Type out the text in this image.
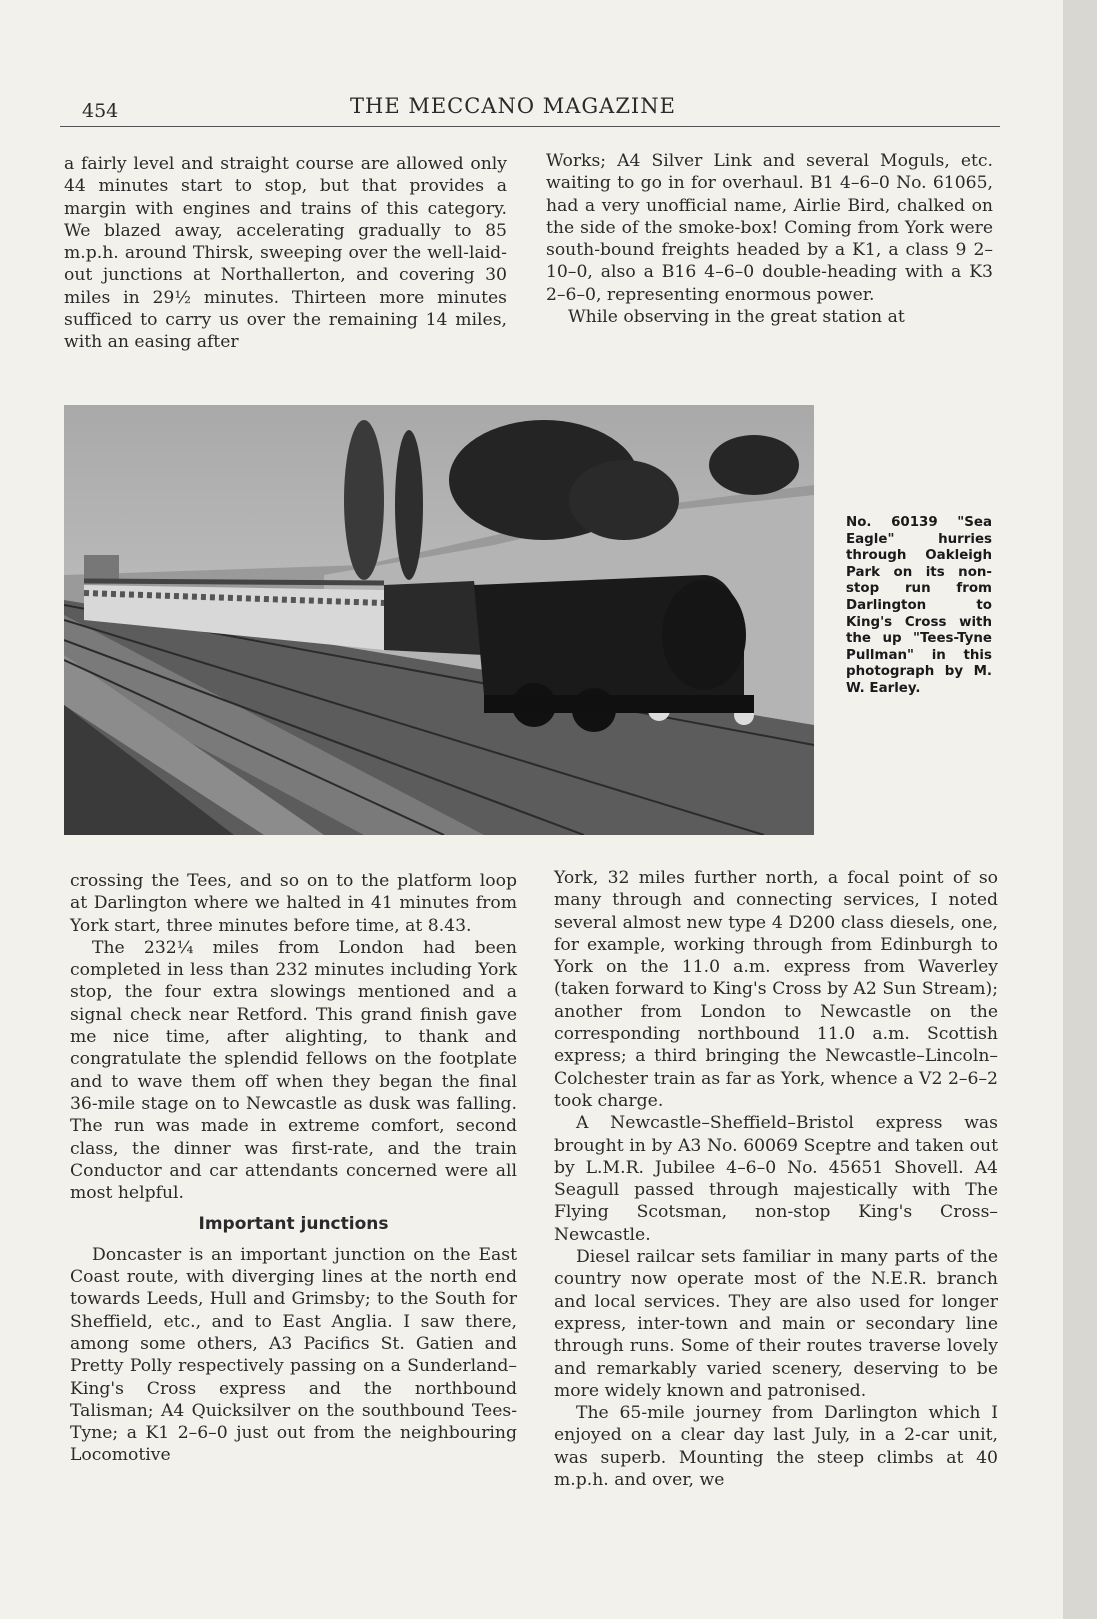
454	THE MECCANO MAGAZINE

a fairly level and straight course are allowed only 44 minutes start to stop, but that provides a margin with engines and trains of this category. We blazed away, accelerating gradually to 85 m.p.h. around Thirsk, sweeping over the well-laid-out junctions at Northallerton, and covering 30 miles in 29½ minutes. Thirteen more minutes sufficed to carry us over the remaining 14 miles, with an easing after

Works; A4 Silver Link and several Moguls, etc. waiting to go in for overhaul. B1 4–6–0 No. 61065, had a very unofficial name, Airlie Bird, chalked on the side of the smoke-box! Coming from York were south-bound freights headed by a K1, a class 9 2–10–0, also a B16 4–6–0 double-heading with a K3 2–6–0, representing enormous power.

While observing in the great station at

No. 60139 "Sea Eagle" hurries through Oakleigh Park on its non-stop run from Darlington to King's Cross with the up "Tees-Tyne Pullman" in this photograph by M. W. Earley.

crossing the Tees, and so on to the platform loop at Darlington where we halted in 41 minutes from York start, three minutes before time, at 8.43.

The 232¼ miles from London had been completed in less than 232 minutes including York stop, the four extra slowings mentioned and a signal check near Retford. This grand finish gave me nice time, after alighting, to thank and congratulate the splendid fellows on the footplate and to wave them off when they began the final 36-mile stage on to Newcastle as dusk was falling. The run was made in extreme comfort, second class, the dinner was first-rate, and the train Conductor and car attendants concerned were all most helpful.

Important junctions

Doncaster is an important junction on the East Coast route, with diverging lines at the north end towards Leeds, Hull and Grimsby; to the South for Sheffield, etc., and to East Anglia. I saw there, among some others, A3 Pacifics St. Gatien and Pretty Polly respectively passing on a Sunderland–King's Cross express and the northbound Talisman; A4 Quicksilver on the southbound Tees-Tyne; a K1 2–6–0 just out from the neighbouring Locomotive

York, 32 miles further north, a focal point of so many through and connecting services, I noted several almost new type 4 D200 class diesels, one, for example, working through from Edinburgh to York on the 11.0 a.m. express from Waverley (taken forward to King's Cross by A2 Sun Stream); another from London to Newcastle on the corresponding northbound 11.0 a.m. Scottish express; a third bringing the Newcastle–Lincoln–Colchester train as far as York, whence a V2 2–6–2 took charge.

A Newcastle–Sheffield–Bristol express was brought in by A3 No. 60069 Sceptre and taken out by L.M.R. Jubilee 4–6–0 No. 45651 Shovell. A4 Seagull passed through majestically with The Flying Scotsman, non-stop King's Cross–Newcastle.

Diesel railcar sets familiar in many parts of the country now operate most of the N.E.R. branch and local services. They are also used for longer express, inter-town and main or secondary line through runs. Some of their routes traverse lovely and remarkably varied scenery, deserving to be more widely known and patronised.

The 65-mile journey from Darlington which I enjoyed on a clear day last July, in a 2-car unit, was superb. Mounting the steep climbs at 40 m.p.h. and over, we
